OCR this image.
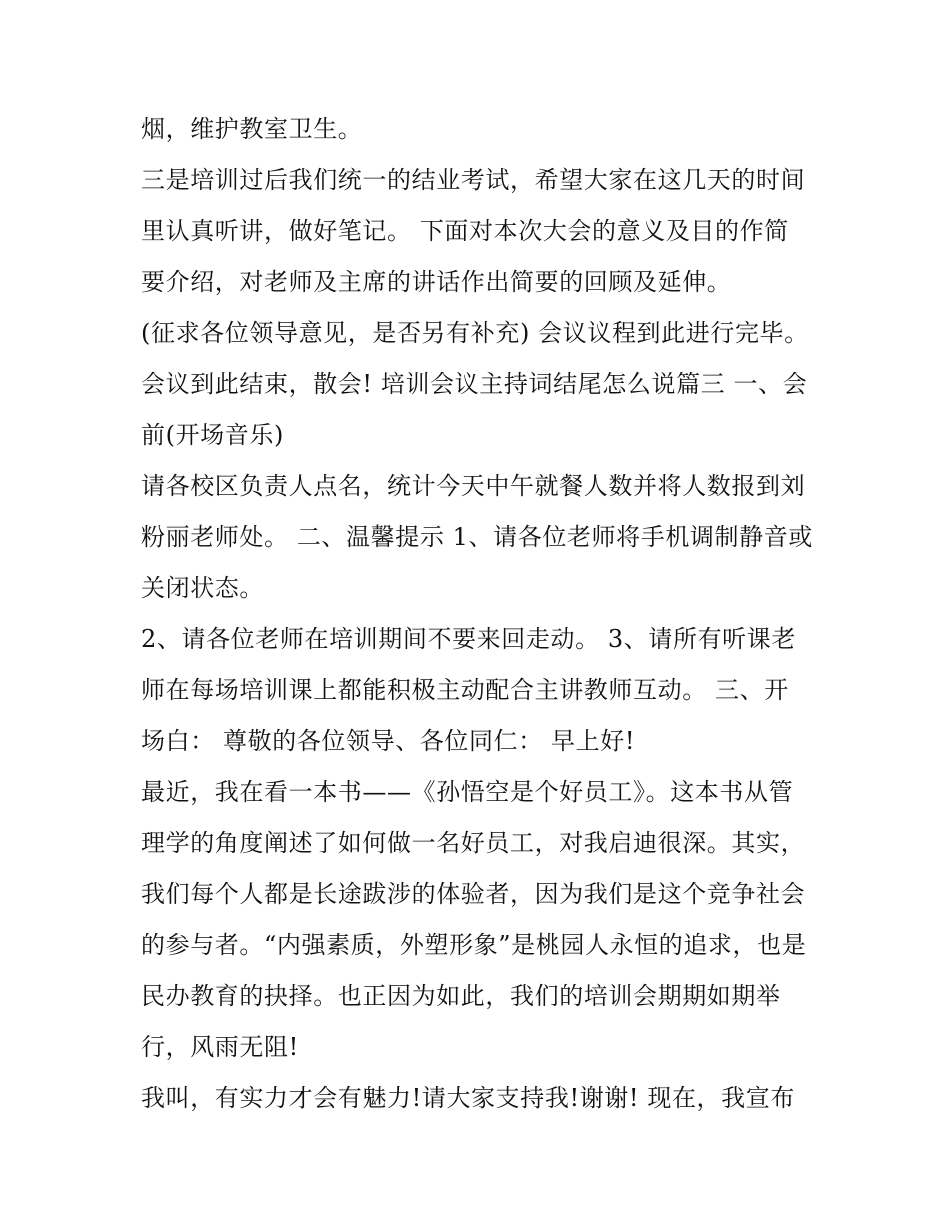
烟，维护教室卫生。
三是培训过后我们统一的结业考试，希望大家在这几天的时间
里认真听讲，做好笔记。 下面对本次大会的意义及目的作简
要介绍，对老师及主席的讲话作出简要的回顾及延伸。
(征求各位领导意见，是否另有补充) 会议议程到此进行完毕。
会议到此结束，散会! 培训会议主持词结尾怎么说篇三 一、会
前(开场音乐)
请各校区负责人点名，统计今天中午就餐人数并将人数报到刘
粉丽老师处。 二、温馨提示 1、请各位老师将手机调制静音或
关闭状态。
2、请各位老师在培训期间不要来回走动。 3、请所有听课老
师在每场培训课上都能积极主动配合主讲教师互动。 三、开
场白： 尊敬的各位领导、各位同仁： 早上好!
最近，我在看一本书——《孙悟空是个好员工》。这本书从管
理学的角度阐述了如何做一名好员工，对我启迪很深。其实，
我们每个人都是长途跋涉的体验者，因为我们是这个竞争社会
的参与者。“内强素质，外塑形象”是桃园人永恒的追求，也是
民办教育的抉择。也正因为如此，我们的培训会期期如期举
行，风雨无阻!
我叫，有实力才会有魅力!请大家支持我!谢谢! 现在，我宣布
